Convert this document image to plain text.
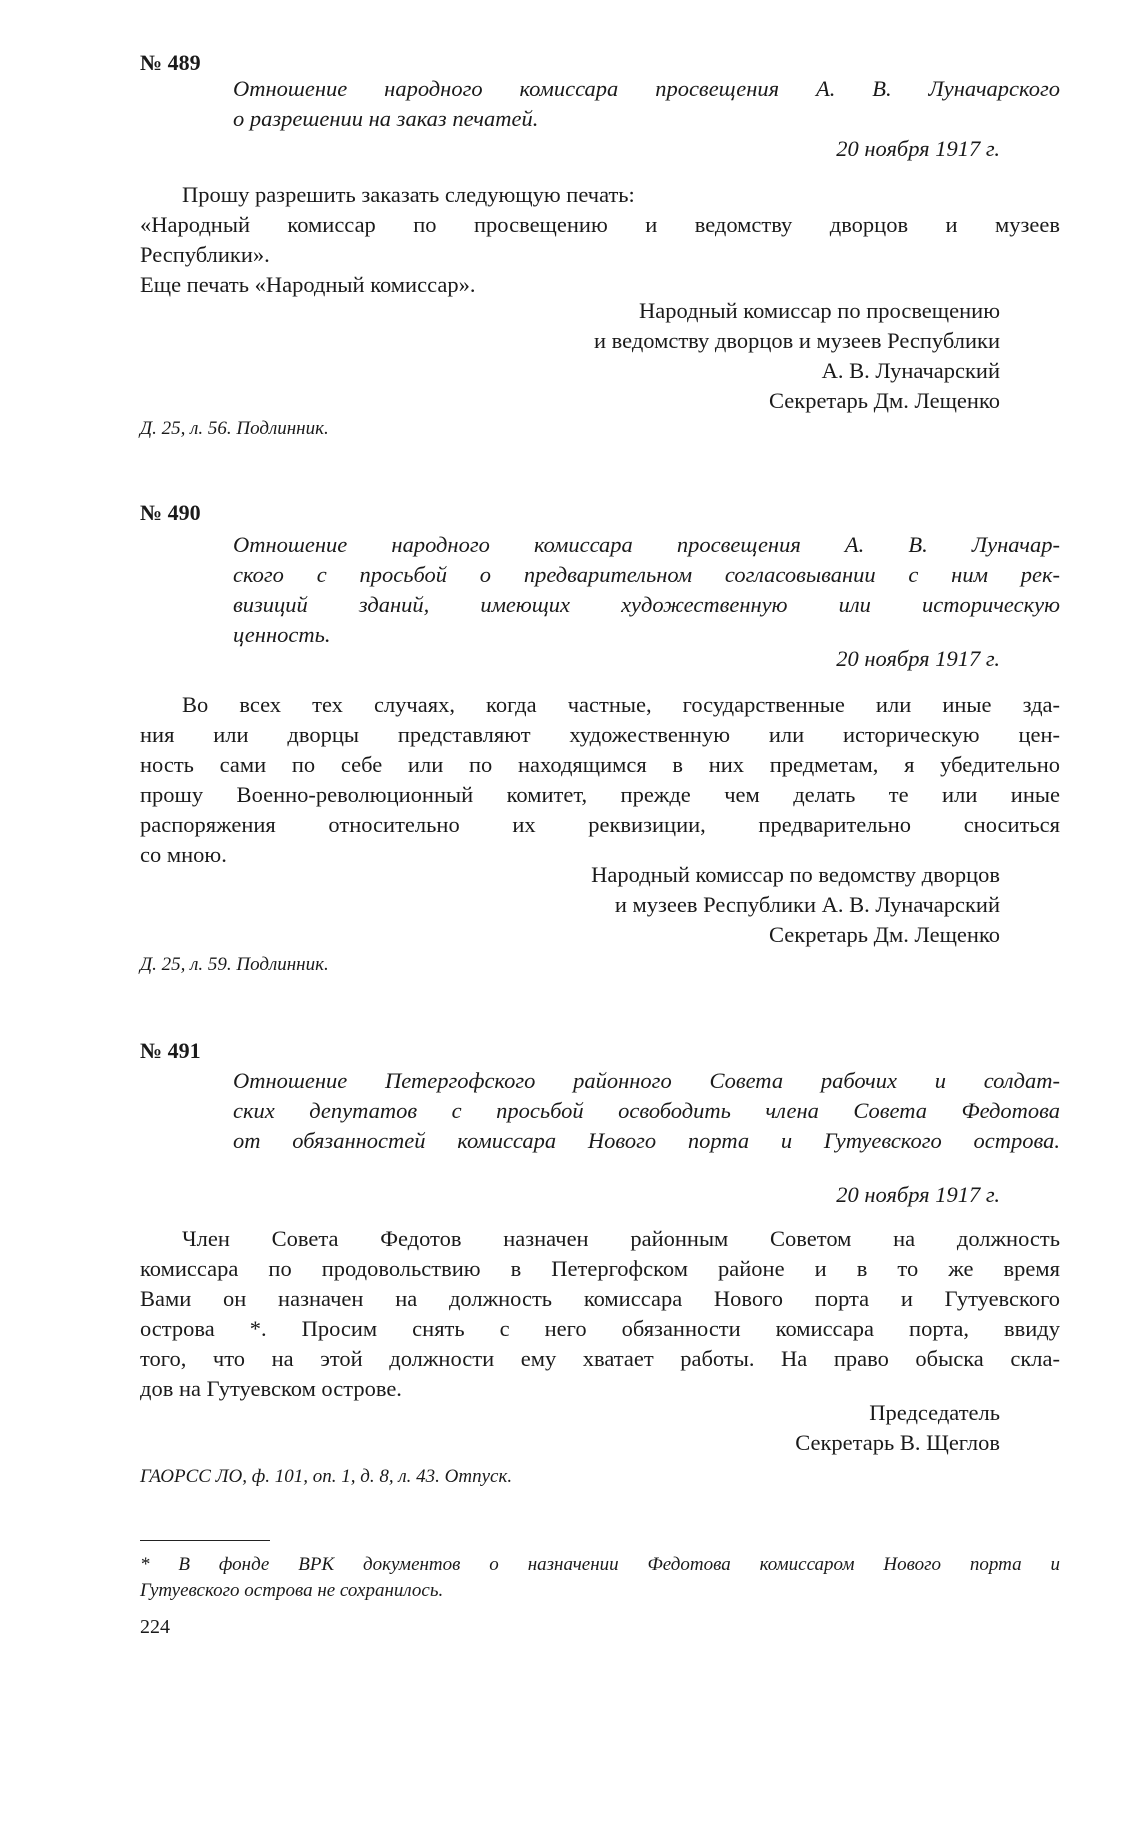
№ 489
Отношение народного комиссара просвещения А. В. Луначарского
о разрешении на заказ печатей.
20 ноября 1917 г.
Прошу разрешить заказать следующую печать:
«Народный комиссар по просвещению и ведомству дворцов и музеев
Республики».
Еще печать «Народный комиссар».
Народный комиссар по просвещению
и ведомству дворцов и музеев Республики
А. В. Луначарский
Секретарь Дм. Лещенко
Д. 25, л. 56. Подлинник.
№ 490
Отношение народного комиссара просвещения А. В. Луначар-
ского с просьбой о предварительном согласовывании с ним рек-
визиций зданий, имеющих художественную или историческую
ценность.
20 ноября 1917 г.
Во всех тех случаях, когда частные, государственные или иные зда-
ния или дворцы представляют художественную или историческую цен-
ность сами по себе или по находящимся в них предметам, я убедительно
прошу Военно-революционный комитет, прежде чем делать те или иные
распоряжения относительно их реквизиции, предварительно сноситься
со мною.
Народный комиссар по ведомству дворцов
и музеев Республики А. В. Луначарский
Секретарь Дм. Лещенко
Д. 25, л. 59. Подлинник.
№ 491
Отношение Петергофского районного Совета рабочих и солдат-
ских депутатов с просьбой освободить члена Совета Федотова
от обязанностей комиссара Нового порта и Гутуевского острова.
20 ноября 1917 г.
Член Совета Федотов назначен районным Советом на должность
комиссара по продовольствию в Петергофском районе и в то же время
Вами он назначен на должность комиссара Нового порта и Гутуевского
острова *. Просим снять с него обязанности комиссара порта, ввиду
того, что на этой должности ему хватает работы. На право обыска скла-
дов на Гутуевском острове.
Председатель
Секретарь В. Щеглов
ГАОРСС ЛО, ф. 101, оп. 1, д. 8, л. 43. Отпуск.
* В фонде ВРК документов о назначении Федотова комиссаром Нового порта и
Гутуевского острова не сохранилось.
224
